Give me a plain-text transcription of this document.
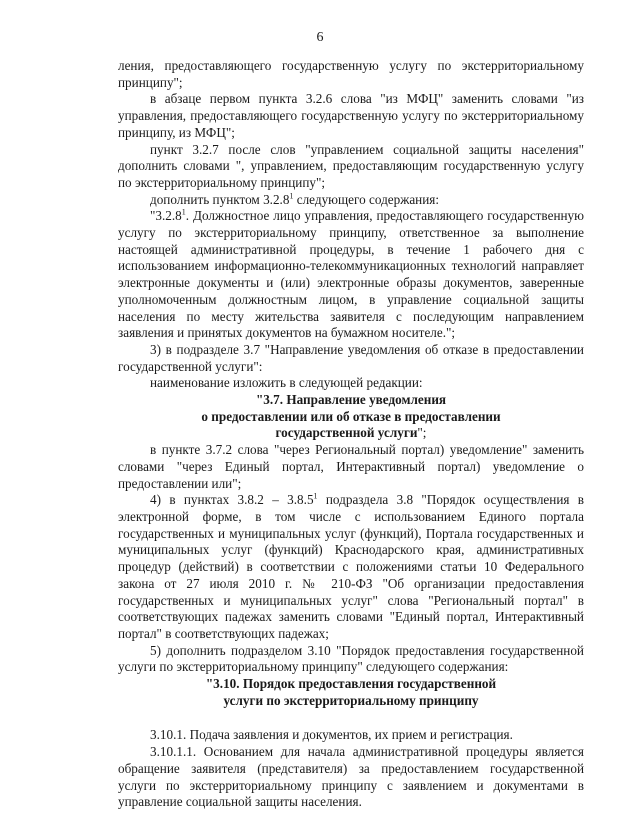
6

ления, предоставляющего государственную услугу по экстерриториальному принципу";

в абзаце первом пункта 3.2.6 слова "из МФЦ" заменить словами "из управления, предоставляющего государственную услугу по экстерриториальному принципу, из МФЦ";

пункт 3.2.7 после слов "управлением социальной защиты населения" дополнить словами ", управлением, предоставляющим государственную услугу по экстерриториальному принципу";

дополнить пунктом 3.2.8$^1$ следующего содержания:

"3.2.8$^1$. Должностное лицо управления, предоставляющего государственную услугу по экстерриториальному принципу, ответственное за выполнение настоящей административной процедуры, в течение 1 рабочего дня с использованием информационно-телекоммуникационных технологий направляет электронные документы и (или) электронные образы документов, заверенные уполномоченным должностным лицом, в управление социальной защиты населения по месту жительства заявителя с последующим направлением заявления и принятых документов на бумажном носителе.";

3) в подразделе 3.7 "Направление уведомления об отказе в предоставлении государственной услуги":

наименование изложить в следующей редакции:

"3.7. Направление уведомления

о предоставлении или об отказе в предоставлении

государственной услуги";

в пункте 3.7.2 слова "через Региональный портал) уведомление" заменить словами "через Единый портал, Интерактивный портал) уведомление о предоставлении или";

4) в пунктах 3.8.2 – 3.8.5$^1$ подраздела 3.8 "Порядок осуществления в электронной форме, в том числе с использованием Единого портала государственных и муниципальных услуг (функций), Портала государственных и муниципальных услуг (функций) Краснодарского края, административных процедур (действий) в соответствии с положениями статьи 10 Федерального закона от 27 июля 2010 г. № 210-ФЗ "Об организации предоставления государственных и муниципальных услуг" слова "Региональный портал" в соответствующих падежах заменить словами "Единый портал, Интерактивный портал" в соответствующих падежах;

5) дополнить подразделом 3.10 "Порядок предоставления государственной услуги по экстерриториальному принципу" следующего содержания:

"3.10. Порядок предоставления государственной

услуги по экстерриториальному принципу

3.10.1. Подача заявления и документов, их прием и регистрация.

3.10.1.1. Основанием для начала административной процедуры является обращение заявителя (представителя) за предоставлением государственной услуги по экстерриториальному принципу с заявлением и документами в управление социальной защиты населения.
